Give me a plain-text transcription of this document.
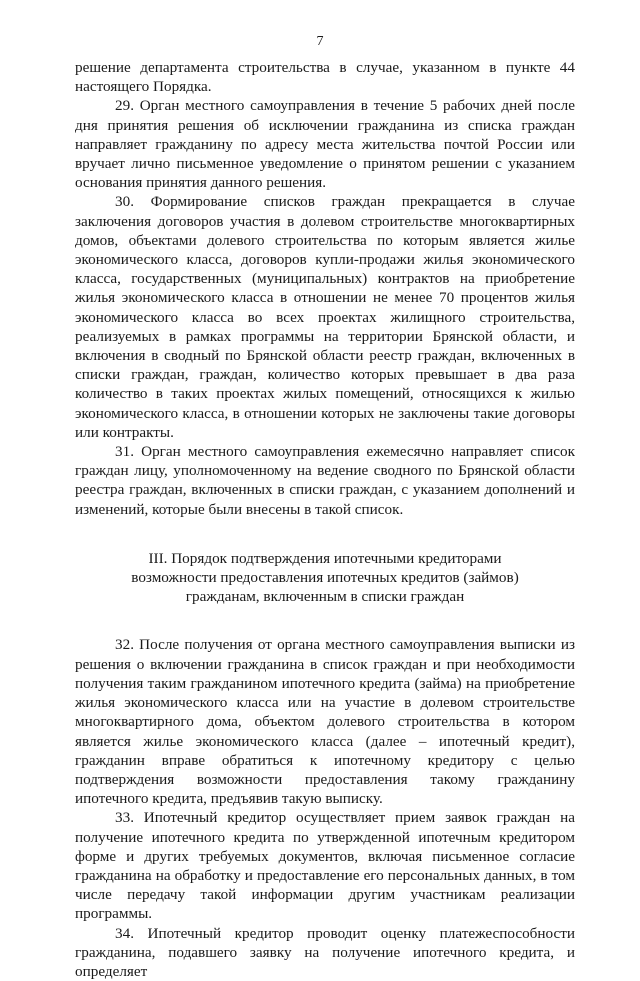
7

решение департамента строительства в случае, указанном в пункте 44 настоящего Порядка.

29. Орган местного самоуправления в течение 5 рабочих дней после дня принятия решения об исключении гражданина из списка граждан направляет гражданину по адресу места жительства почтой России или вручает лично письменное уведомление о принятом решении с указанием основания принятия данного решения.

30. Формирование списков граждан прекращается в случае заключения договоров участия в долевом строительстве многоквартирных домов, объектами долевого строительства по которым является жилье экономического класса, договоров купли-продажи жилья экономического класса, государственных (муниципальных) контрактов на приобретение жилья экономического класса в отношении не менее 70 процентов жилья экономического класса во всех проектах жилищного строительства, реализуемых в рамках программы на территории Брянской области, и включения в сводный по Брянской области реестр граждан, включенных в списки граждан, граждан, количество которых превышает в два раза количество в таких проектах жилых помещений, относящихся к жилью экономического класса, в отношении которых не заключены такие договоры или контракты.

31. Орган местного самоуправления ежемесячно направляет список граждан лицу, уполномоченному на ведение сводного по Брянской области реестра граждан, включенных в списки граждан, с указанием дополнений и изменений, которые были внесены в такой список.

III. Порядок подтверждения ипотечными кредиторами
возможности предоставления ипотечных кредитов (займов)
гражданам, включенным в списки граждан

32. После получения от органа местного самоуправления выписки из решения о включении гражданина в список граждан и при необходимости получения таким гражданином ипотечного кредита (займа) на приобретение жилья экономического класса или на участие в долевом строительстве многоквартирного дома, объектом долевого строительства в котором является жилье экономического класса (далее – ипотечный кредит), гражданин вправе обратиться к ипотечному кредитору с целью подтверждения возможности предоставления такому гражданину ипотечного кредита, предъявив такую выписку.

33. Ипотечный кредитор осуществляет прием заявок граждан на получение ипотечного кредита по утвержденной ипотечным кредитором форме и других требуемых документов, включая письменное согласие гражданина на обработку и предоставление его персональных данных, в том числе передачу такой информации другим участникам реализации программы.

34. Ипотечный кредитор проводит оценку платежеспособности гражданина, подавшего заявку на получение ипотечного кредита, и определяет
